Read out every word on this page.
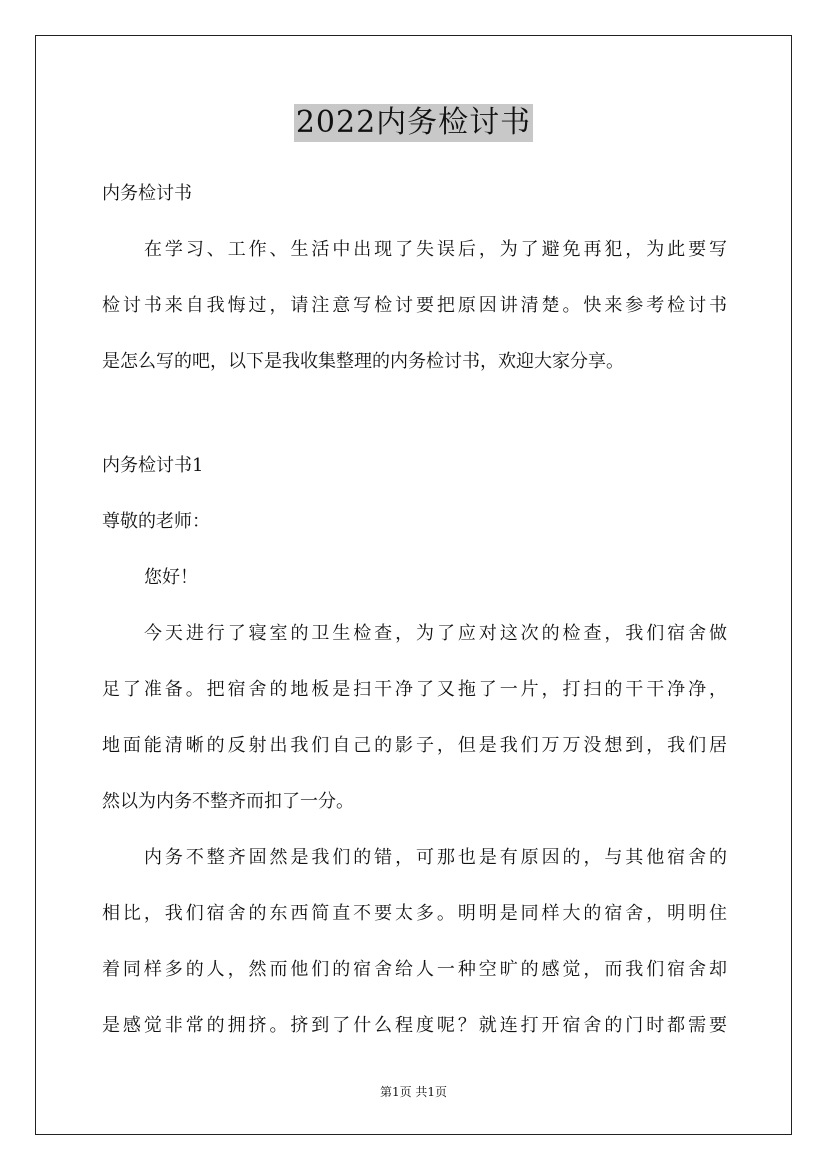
2022内务检讨书
内务检讨书
在学习、工作、生活中出现了失误后，为了避免再犯，为此要写
检讨书来自我悔过，请注意写检讨要把原因讲清楚。快来参考检讨书
是怎么写的吧，以下是我收集整理的内务检讨书，欢迎大家分享。
内务检讨书1
尊敬的老师：
您好！
今天进行了寝室的卫生检查，为了应对这次的检查，我们宿舍做
足了准备。把宿舍的地板是扫干净了又拖了一片，打扫的干干净净，
地面能清晰的反射出我们自己的影子，但是我们万万没想到，我们居
然以为内务不整齐而扣了一分。
内务不整齐固然是我们的错，可那也是有原因的，与其他宿舍的
相比，我们宿舍的东西简直不要太多。明明是同样大的宿舍，明明住
着同样多的人，然而他们的宿舍给人一种空旷的感觉，而我们宿舍却
是感觉非常的拥挤。挤到了什么程度呢？就连打开宿舍的门时都需要
第1页 共1页
